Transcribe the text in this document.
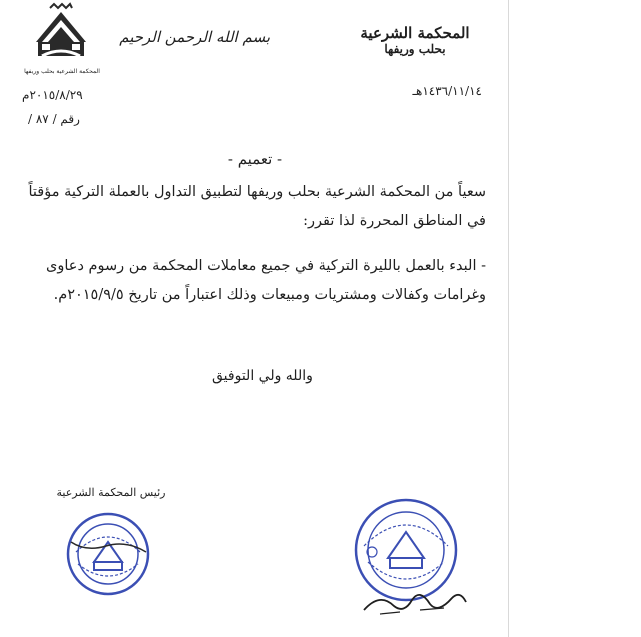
المحكمة الشرعية
بحلب وريفها
بسم الله الرحمن الرحيم
المحكمة الشرعية بحلب وريفها
١٤٣٦/١١/١٤هـ
٢٠١٥/٨/٢٩م
رقم / ٨٧ /
- تعميم -
سعياً من المحكمة الشرعية بحلب وريفها لتطبيق التداول بالعملة التركية مؤقتاً في المناطق المحررة لذا تقرر:
- البدء بالعمل بالليرة التركية في جميع معاملات المحكمة من رسوم دعاوى وغرامات وكفالات ومشتريات ومبيعات وذلك اعتباراً من تاريخ ٢٠١٥/٩/٥م.
والله ولي التوفيق
رئيس المحكمة الشرعية
